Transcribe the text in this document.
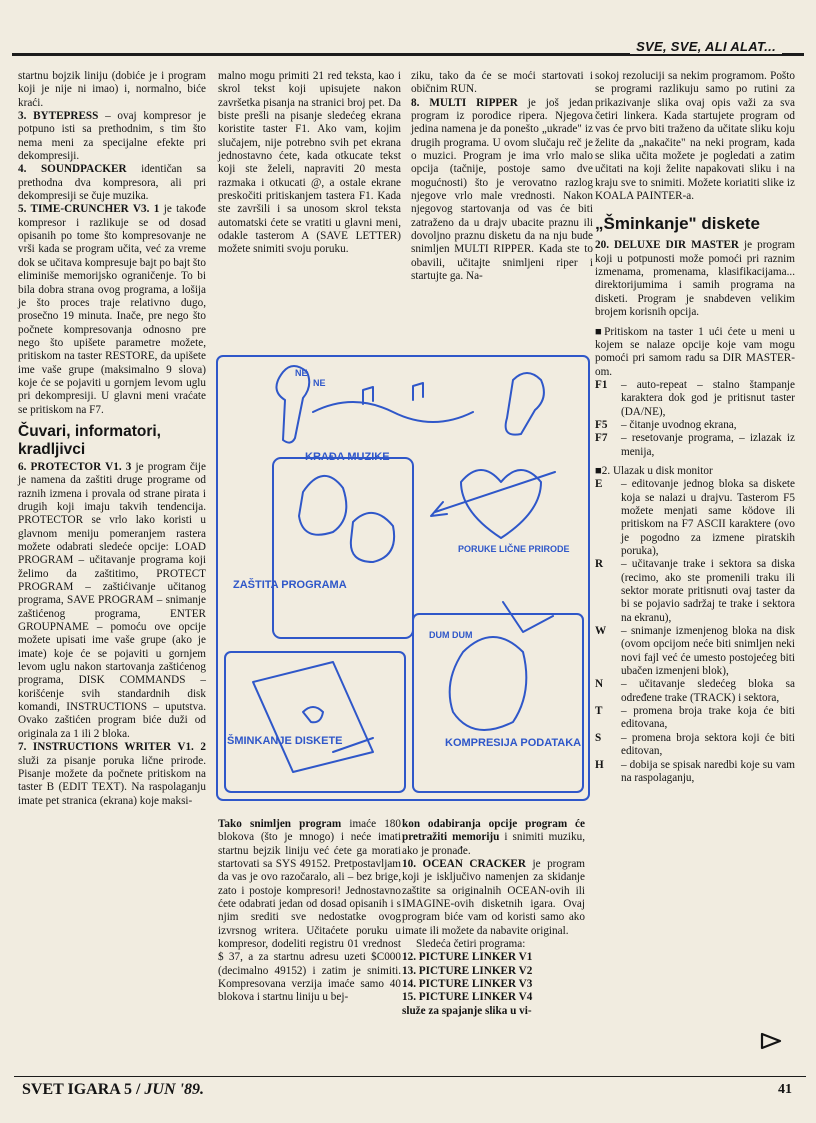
SVE, SVE, ALI ALAT...

startnu bojzik liniju (dobiće je i program koji je nije ni imao) i, normalno, biće kraći.

3. BYTEPRESS – ovaj kompresor je potpuno isti sa prethodnim, s tim što nema meni za specijalne efekte pri dekompresiji.

4. SOUNDPACKER identičan sa prethodna dva kompresora, ali pri dekompresiji se čuje muzika.

5. TIME-CRUNCHER V3. 1 je takođe kompresor i razlikuje se od dosad opisanih po tome što kompresovanje ne vrši kada se program učita, već za vreme dok se učitava kompresuje bajt po bajt što eliminiše memorijsko ograničenje. To bi bila dobra strana ovog programa, a lošija je što proces traje relativno dugo, prosečno 19 minuta. Inače, pre nego što počnete kompresovanja odnosno pre nego što upišete parametre možete, pritiskom na taster RESTORE, da upišete ime vaše grupe (maksimalno 9 slova) koje će se pojaviti u gornjem levom uglu pri dekompresiji. U glavni meni vraćate se pritiskom na F7.

Čuvari, informatori, kradljivci

6. PROTECTOR V1. 3 je program čije je namena da zaštiti druge programe od raznih izmena i provala od strane pirata i drugih koji imaju takvih tendencija. PROTECTOR se vrlo lako koristi u glavnom meniju pomeranjem rastera možete odabrati sledeće opcije: LOAD PROGRAM – učitavanje programa koji želimo da zaštitimo, PROTECT PROGRAM – zaštićivanje učitanog programa, SAVE PROGRAM – snimanje zaštićenog programa, ENTER GROUPNAME – pomoću ove opcije možete upisati ime vaše grupe (ako je imate) koje će se pojaviti u gornjem levom uglu nakon startovanja zaštićenog programa, DISK COMMANDS – korišćenje svih standardnih disk komandi, INSTRUCTIONS – uputstva. Ovako zaštićen program biće duži od originala za 1 ili 2 bloka.

7. INSTRUCTIONS WRITER V1. 2 služi za pisanje poruka lične prirode. Pisanje možete da počnete pritiskom na taster B (EDIT TEXT). Na raspolaganju imate pet stranica (ekrana) koje maksi-

malno mogu primiti 21 red teksta, kao i skrol tekst koji upisujete nakon završetka pisanja na stranici broj pet. Da biste prešli na pisanje sledećeg ekrana koristite taster F1. Ako vam, kojim slučajem, nije potrebno svih pet ekrana jednostavno ćete, kada otkucate tekst koji ste želeli, napraviti 20 mesta razmaka i otkucati @, a ostale ekrane preskočiti pritiskanjem tastera F1. Kada ste završili i sa unosom skrol teksta automatski ćete se vratiti u glavni meni, odakle tasterom A (SAVE LETTER) možete snimiti svoju poruku.

ziku, tako da će se moći startovati i običnim RUN.

8. MULTI RIPPER je još jedan program iz porodice ripera. Njegova jedina namena je da ponešto „ukrade" iz drugih programa. U ovom slučaju reč je o muzici. Program je ima vrlo malo opcija (tačnije, postoje samo dve mogućnosti) što je verovatno razlog njegove vrlo male vrednosti. Nakon njegovog startovanja od vas će biti zatraženo da u drajv ubacite praznu ili dovoljno praznu disketu da na nju bude snimljen MULTI RIPPER. Kada ste to obavili, učitajte snimljeni riper i startujte ga. Na-

KRAĐA MUZIKE
NE
NE
ZAŠTITA PROGRAMA
PORUKE LIČNE PRIRODE
ŠMINKANJE DISKETE	KOMPRESIJA PODATAKA
DUM DUM

Tako snimljen program imaće 180 blokova (što je mnogo) i neće imati startnu bejzik liniju već ćete ga morati startovati sa SYS 49152. Pretpostavljam da vas je ovo razočaralo, ali – bez brige, zato i postoje kompresori! Jednostavno ćete odabrati jedan od dosad opisanih i s njim srediti sve nedostatke ovog izvrsnog writera. Učitaćete poruku u kompresor, dodeliti registru 01 vrednost $ 37, a za startnu adresu uzeti $C000 (decimalno 49152) i zatim je snimiti. Kompresovana verzija imaće samo 40 blokova i startnu liniju u bej-

kon odabiranja opcije program će pretražiti memoriju i snimiti muziku, ako je pronađe.

10. OCEAN CRACKER je program koji je isključivo namenjen za skidanje zaštite sa originalnih OCEAN-ovih ili IMAGINE-ovih disketnih igara. Ovaj program biće vam od koristi samo ako imate ili možete da nabavite original.

Sledeća četiri programa:

12. PICTURE LINKER V1

13. PICTURE LINKER V2

14. PICTURE LINKER V3

15. PICTURE LINKER V4

služe za spajanje slika u vi-

sokoj rezoluciji sa nekim programom. Pošto se programi razlikuju samo po rutini za prikazivanje slika ovaj opis važi za sva četiri linkera. Kada startujete program od vas će prvo biti traženo da učitate sliku koju želite da „nakačite" na neki program, kada se slika učita možete je pogledati a zatim učitati na koji želite napakovati sliku i na kraju sve to snimiti. Možete koriatiti slike iz KOALA PAINTER-a.

„Šminkanje" diskete

20. DELUXE DIR MASTER je program koji u potpunosti može pomoći pri raznim izmenama, promenama, klasifikacijama... direktorijumima i samih programa na disketi. Program je snabdeven velikim brojem korisnih opcija.

■Pritiskom na taster 1 ući ćete u meni u kojem se nalaze opcije koje vam mogu pomoći pri samom radu sa DIR MASTER-om.

F1	– auto-repeat – stalno štampanje karaktera dok god je pritisnut taster (DA/NE),
F5	– čitanje uvodnog ekrana,
F7	– resetovanje programa, – izlazak iz menija,

■2. Ulazak u disk monitor

E	– editovanje jednog bloka sa diskete koja se nalazi u drajvu. Tasterom F5 možete menjati same ködove ili pritiskom na F7 ASCII karaktere (ovo je pogodno za izmene piratskih poruka),
R	– učitavanje trake i sektora sa diska (recimo, ako ste promenili traku ili sektor morate pritisnuti ovaj taster da bi se pojavio sadržaj te trake i sektora na ekranu),
W	– snimanje izmenjenog bloka na disk (ovom opcijom neće biti snimljen neki novi fajl već će umesto postojećeg biti ubačen izmenjeni blok),
N	– učitavanje sledećeg bloka sa određene trake (TRACK) i sektora,
T	– promena broja trake koja će biti editovana,
S	– promena broja sektora koji će biti editovan,
H	– dobija se spisak naredbi koje su vam na raspolaganju,
SVET IGARA 5 / JUN '89.	41
